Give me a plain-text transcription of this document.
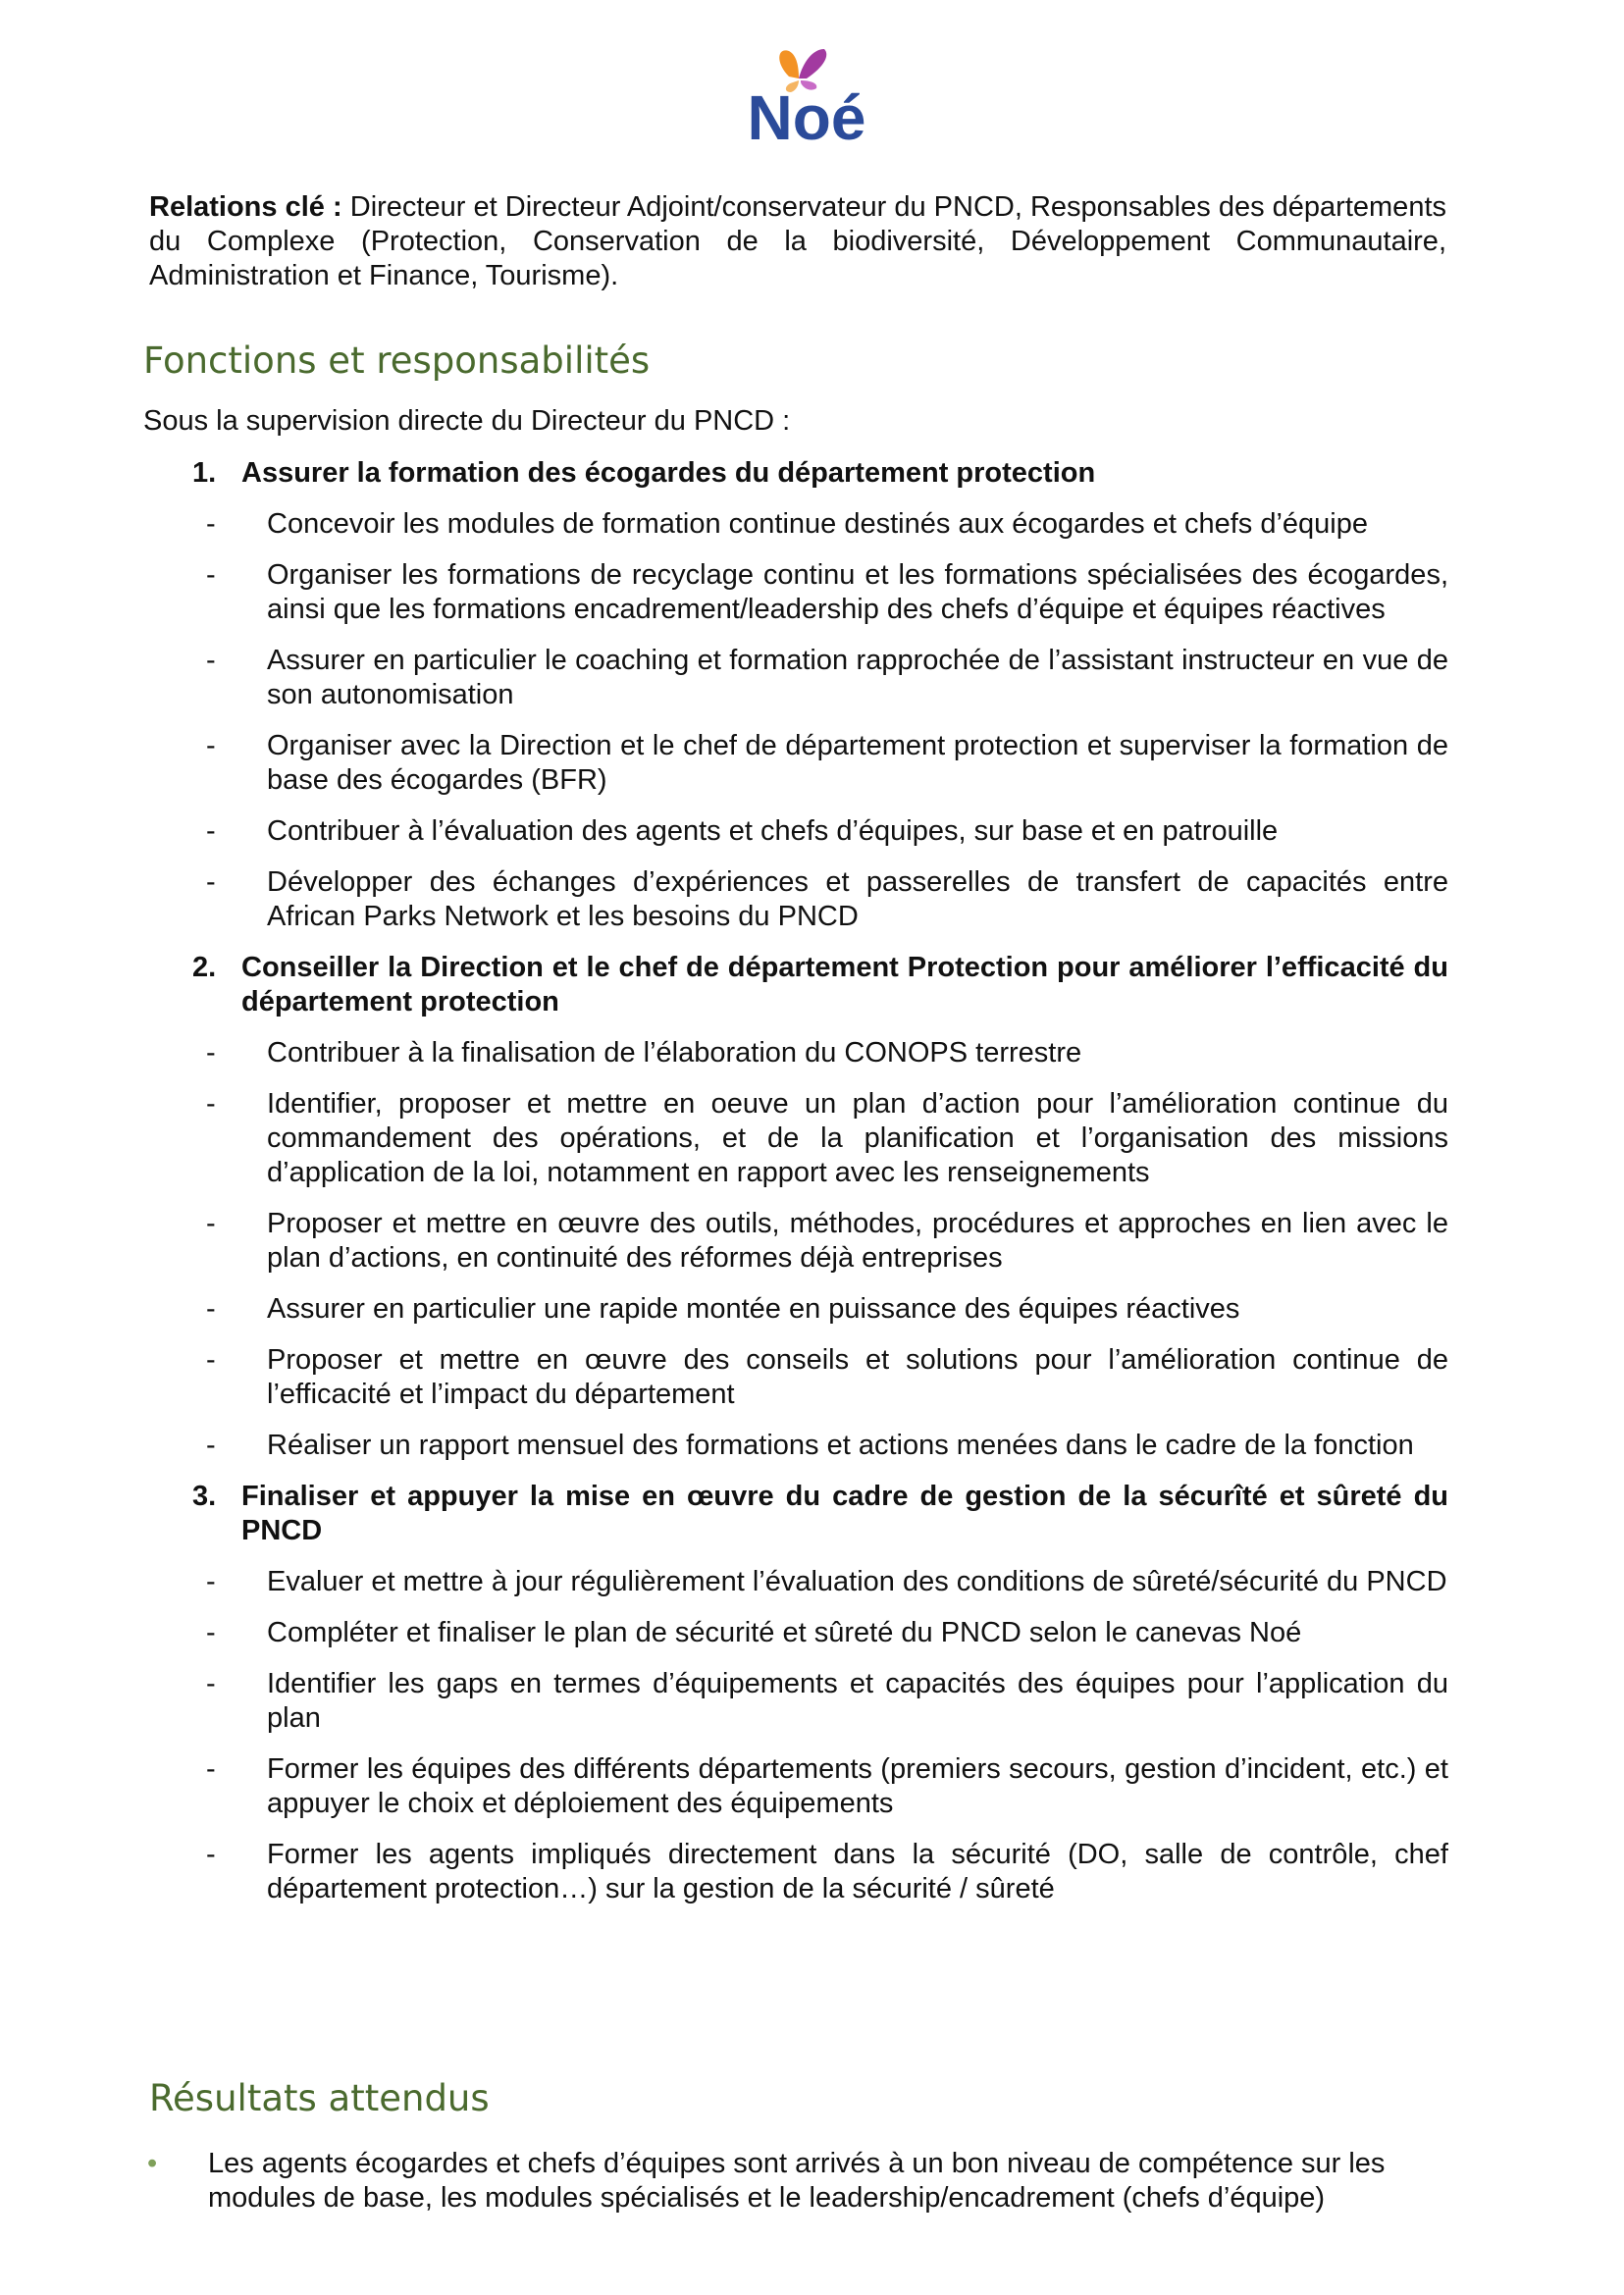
Noé
Relations clé : Directeur et Directeur Adjoint/conservateur du PNCD, Responsables des départements du Complexe (Protection, Conservation de la biodiversité, Développement Communautaire, Administration et Finance, Tourisme).
Fonctions et responsabilités
Sous la supervision directe du Directeur du PNCD :
1. Assurer la formation des écogardes du département protection
- Concevoir les modules de formation continue destinés aux écogardes et chefs d’équipe
- Organiser les formations de recyclage continu et les formations spécialisées des écogardes, ainsi que les formations encadrement/leadership des chefs d’équipe et équipes réactives
- Assurer en particulier le coaching et formation rapprochée de l’assistant instructeur en vue de son autonomisation
- Organiser avec la Direction et le chef de département protection et superviser la formation de base des écogardes (BFR)
- Contribuer à l’évaluation des agents et chefs d’équipes, sur base et en patrouille
- Développer des échanges d’expériences et passerelles de transfert de capacités entre African Parks Network et les besoins du PNCD
2. Conseiller la Direction et le chef de département Protection pour améliorer l’efficacité du département protection
- Contribuer à la finalisation de l’élaboration du CONOPS terrestre
- Identifier, proposer et mettre en oeuve un plan d’action pour l’amélioration continue du commandement des opérations, et de la planification et l’organisation des missions d’application de la loi, notamment en rapport avec les renseignements
- Proposer et mettre en œuvre des outils, méthodes, procédures et approches en lien avec le plan d’actions, en continuité des réformes déjà entreprises
- Assurer en particulier une rapide montée en puissance des équipes réactives
- Proposer et mettre en œuvre des conseils et solutions pour l’amélioration continue de l’efficacité et l’impact du département
- Réaliser un rapport mensuel des formations et actions menées dans le cadre de la fonction
3. Finaliser et appuyer la mise en œuvre du cadre de gestion de la sécurîté et sûreté du PNCD
- Evaluer et mettre à jour régulièrement l’évaluation des conditions de sûreté/sécurité du PNCD
- Compléter et finaliser le plan de sécurité et sûreté du PNCD selon le canevas Noé
- Identifier les gaps en termes d’équipements et capacités des équipes pour l’application du plan
- Former les équipes des différents départements (premiers secours, gestion d’incident, etc.) et appuyer le choix et déploiement des équipements
- Former les agents impliqués directement dans la sécurité (DO, salle de contrôle, chef département protection…) sur la gestion de la sécurité / sûreté
Résultats attendus
• Les agents écogardes et chefs d’équipes sont arrivés à un bon niveau de compétence sur les modules de base, les modules spécialisés et le leadership/encadrement (chefs d’équipe)
